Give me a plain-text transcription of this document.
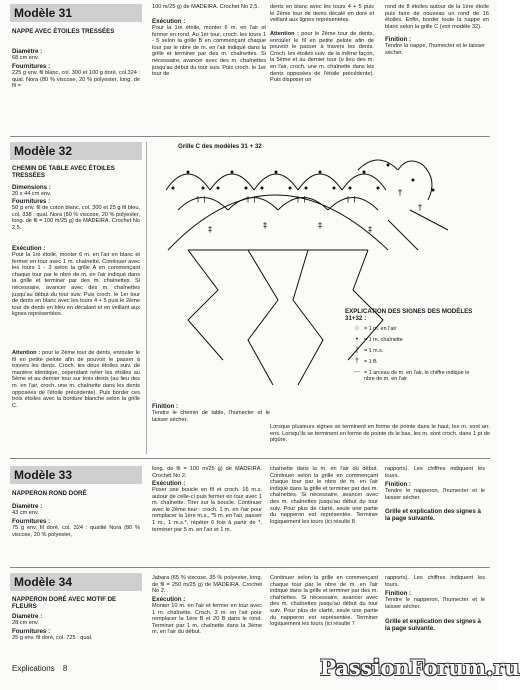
Modèle 31
NAPPE AVEC ÉTOILES TRESSÉES
Diamètre :
68 cm env.
Fournitures :
225 g env. fil blanc, col. 300 et 100 g doré, col.324 : qual. Nora (80 % viscose, 20 % polyester, long. de fil =
100 m/25 g) de MADEIRA. Crochet No 2,5.
Exécution :
Pour la 1re étoile, monter 6 m. en l'air et fermer en rond. Au 1er tour, croch. les tours 1 - 5 selon la grille B en commençant chaque tour par le nbre de m. en l'air indiqué dans la grille et terminer par des m. chaînettes. Si nécessaire, avancer avec des m. chaînettes jusqu'au début du tour suiv. Puis croch. le 1er tour de
dents en blanc avec les tours 4 + 5 puis le 2ème tour de dents décalé en doré et veillant aux lignes représentées.
Attention : pour le 2ème tour de dents, enrouler le fil en petite pelote afin de pouvoir le passer à travers les dents. Croch. les étoiles suiv. de la même façon, la 5ème et au dernier tour (u lieu des m. en l'air, croch. une m. chaînette dans les dents opposées de l'étoile précédente). Puis disposer un
rond de 8 étoiles autour de la 1ère étoile puis faire de nouveau un rond de 16 étoiles. Enfin, border toute la nappe en blanc selon la grille C (voir modèle 32).
Finition :
Tendre la nappe, l'humecter et le laisser sécher.
Modèle 32
CHEMIN DE TABLE AVEC ÉTOILES TRESSÉES
Dimensions :
20 x 44 cm env.
Fournitures :
50 g env. fil de coton blanc, col. 300 et 25 g fil bleu, col. 338 : qual. Nora (80 % viscose, 20 % polyester, long. de fil = 100 m/25 g) de MADEIRA. Crochet No 2,5.
Exécution :
Pour la 1re étoile, monter 6 m. en l'air en blanc et fermer en tour avec 1 m. chaînette. Continuer avec les tours 1 - 3 selon la grille A en commençant chaque tour par le nbre de m. en l'air indiqué dans la grille et terminer par des m. chaînettes. Si nécessaire, avancer avec des m. chaînettes jusqu'au début du tour suiv. Puis croch. le 1er tour de dents en blanc avec les tours 4 + 5 puis le 2ème tour de dents en bleu en décalant et en veillant aux lignes représentées.
Attention : pour le 2ème tour de dents, enrouler le fil en petite pelote afin de pouvoir le passer à travers les dents. Croch. les deux étoiles suiv. de manière identique, cependant relier les étoiles au 5ème et au dernier tour sur trois dents (au lieu des m. en l'air, croch. une m. chaînette dans les dents opposées de l'étoile précédente). Puis border ces trois étoiles avec la bordure blanche selon la grille C.
Grille C des modèles 31 + 32
† †	† †	† †	† †
‡	‡	‡	‡
†
†
EXPLICATION DES SIGNES DES MODÈLES 31+32 :
○ = 1 m. en l'air
•	= 1 m. chaînette
|	= 1 m.s.
† = 1 B
⌒ = 1 arceau de m. en l'air, le chiffre indique le nbre de m. en l'air
Finition :
Tendre le chemin de table, l'humecter et le laisser sécher.
Lorsque plusieurs signes se terminent en forme de pointe dans le haut, les m. sont arr. ens. Lorsqu'ils se terminent en forme de pointe ds le bas, les m. sont croch. dans 1 pt de piqûre.
Modèle 33
NAPPERON ROND DORÉ
Diamètre :
43 cm env.
Fournitures :
75 g env. fil doré, col. 324 : qualité Nora (80 % viscose, 20 % polyester,
long. de fil = 100 m/25 g) de MADEIRA. Crochet No 2.
Exécution :
Poser une boucle en fil et croch. 16 m.s. autour de celle-ci puis fermer en tour avec 1 m. chaînette. Tirer sur la boucle. Continuer avec le 2ème tour : croch. 1 m. en l'air pour remplacer la 1ère m.s., *5 m. en l'air, passer 1 m., 1 m.s.*, répéter 6 fois à partir de *, terminer par 5 m. en l'air et 1 m.
chaînette dans la m. en l'air du début. Continuer selon la grille en commençant chaque tour par le nbre de m. en l'air indiqué dans la grille et terminer par des m. chaînettes. Si nécessaire, avancer avec des m. chaînettes jusqu'au début du tour suiv. Pour plus de clarté, seule une partie du napperon est représentée. Terminer logiquement les tours (ici résulte 8
rapports). Les chiffres indiquent les tours.
Finition :
Tendre le napperon, l'humecter et le laisser sécher.
Grille et explication des signes à la page suivante.
Modèle 34
NAPPERON DORÉ AVEC MOTIF DE FLEURS
Diamètre :
28 cm env.
Fournitures :
25 g env. fil doré, col. 725 : qual.
Jabara (65 % viscose, 35 % polyester, long. de fil = 250 m/25 g) de MADEIRA. Crochet No 2.
Exécution :
Monter 10 m. en l'air et fermer en tour avec 1 m. chaînette. Croch. 3 m. en l'air pour remplacer la 1ère B et 20 B dans le rond. Terminer par 1 m. chaînette dans la 3ème m. en l'air du début.
Continuer selon la grille en commençant chaque tour par le nbre de m. en l'air indiqué dans la grille et terminer par des m. chaînettes. Si nécessaire, avancer avec des m. chaînettes jusqu'au début du tour suiv. Pour plus de clarté, seule une partie du napperon est représentée. Terminer logiquement les tours (ici résulte 7
rapports). Les chiffres indiquent les tours.
Finition :
Tendre le napperon, l'humecter et le laisser sécher.
Grille et explication des signes à la page suivante.
Explications 8	PassionForum.ru
